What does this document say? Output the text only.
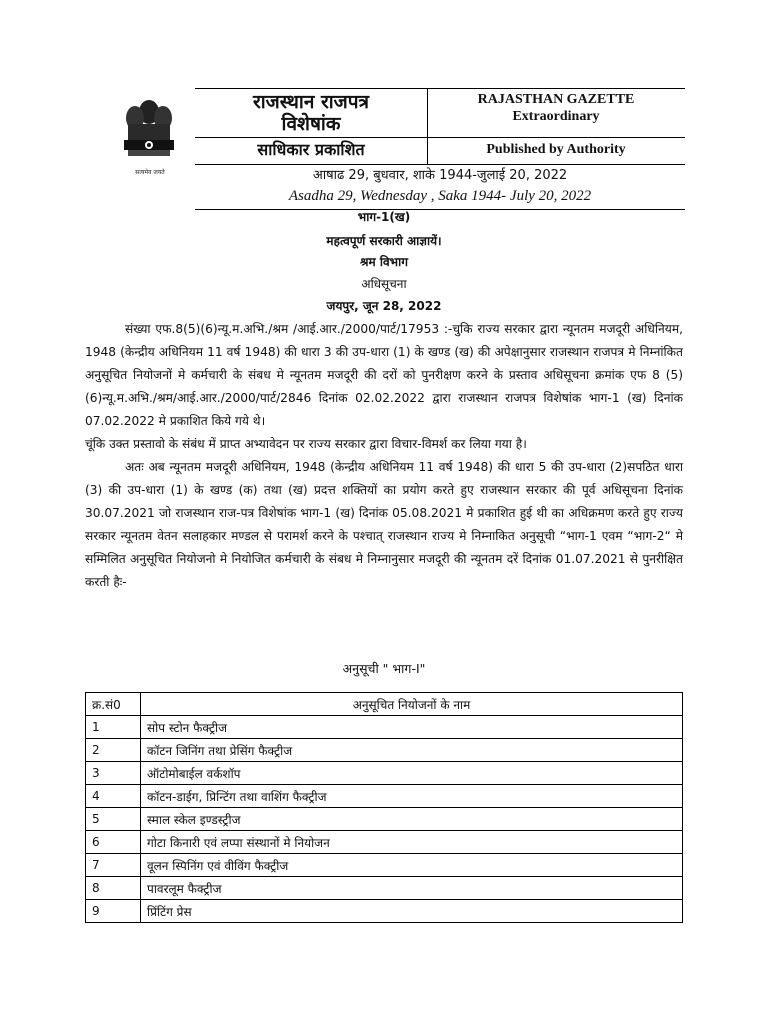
सत्यमेव जयते
राजस्थान राजपत्र
विशेषांक
साधिकार प्रकाशित
RAJASTHAN GAZETTE
Extraordinary
Published by Authority
आषाढ 29, बुधवार, शाके 1944-जुलाई 20, 2022
Asadha 29, Wednesday , Saka 1944- July 20, 2022
भाग-1(ख)
महत्वपूर्ण सरकारी आज्ञायें।
श्रम विभाग
अधिसूचना
जयपुर, जून 28, 2022

संख्या एफ.8(5)(6)न्यू.म.अभि./श्रम /आई.आर./2000/पार्ट/17953 :-चुकि राज्य सरकार द्वारा न्यूनतम मजदूरी अधिनियम, 1948 (केन्द्रीय अधिनियम 11 वर्ष 1948) की धारा 3 की उप-धारा (1) के खण्ड (ख) की अपेक्षानुसार राजस्थान राजपत्र मे निम्नांकित अनुसूचित नियोजनों मे कर्मचारी के संबध मे न्यूनतम मजदूरी की दरों को पुनरीक्षण करने के प्रस्ताव अधिसूचना क्रमांक एफ 8 (5)(6)न्यू.म.अभि./श्रम/आई.आर./2000/पार्ट/2846 दिनांक 02.02.2022 द्वारा राजस्थान राजपत्र विशेषांक भाग-1 (ख) दिनांक 07.02.2022 मे प्रकाशित किये गये थे।

चूंकि उक्त प्रस्तावो के संबंध में प्राप्त अभ्यावेदन पर राज्य सरकार द्वारा विचार-विमर्श कर लिया गया है।

अतः अब न्यूनतम मजदूरी अधिनियम, 1948 (केन्द्रीय अधिनियम 11 वर्ष 1948) की धारा 5 की उप-धारा (2)सपठित धारा (3) की उप-धारा (1) के खण्ड (क) तथा (ख) प्रदत्त शक्तियों का प्रयोग करते हुए राजस्थान सरकार की पूर्व अधिसूचना दिनांक 30.07.2021 जो राजस्थान राज-पत्र विशेषांक भाग-1 (ख) दिनांक 05.08.2021 मे प्रकाशित हुई थी का अधिक्रमण करते हुए राज्य सरकार न्यूनतम वेतन सलाहकार मण्डल से परामर्श करने के पश्चात् राजस्थान राज्य मे निम्नाकित अनुसूची “भाग-1 एवम “भाग-2“ मे सम्मिलित अनुसूचित नियोजनो मे नियोजित कर्मचारी के संबध मे निम्नानुसार मजदूरी की न्यूनतम दरें दिनांक 01.07.2021 से पुनरीक्षित करती हैः-

अनुसूची " भाग-I"
क्र.सं0	अनुसूचित नियोजनों के नाम
1	सोप स्टोन फैक्ट्रीज
2	कॉटन जिनिंग तथा प्रेसिंग फैक्ट्रीज
3	ऑटोमोबाईल वर्कशॉप
4	कॉटन-डाईग, प्रिन्टिंग तथा वाशिंग फैक्ट्रीज
5	स्माल स्केल इण्डस्ट्रीज
6	गोटा किनारी एवं लप्पा संस्थानों मे नियोजन
7	वूलन स्पिनिंग एवं वीविंग फैक्ट्रीज
8	पावरलूम फैक्ट्रीज
9	प्रिंटिंग प्रेस
